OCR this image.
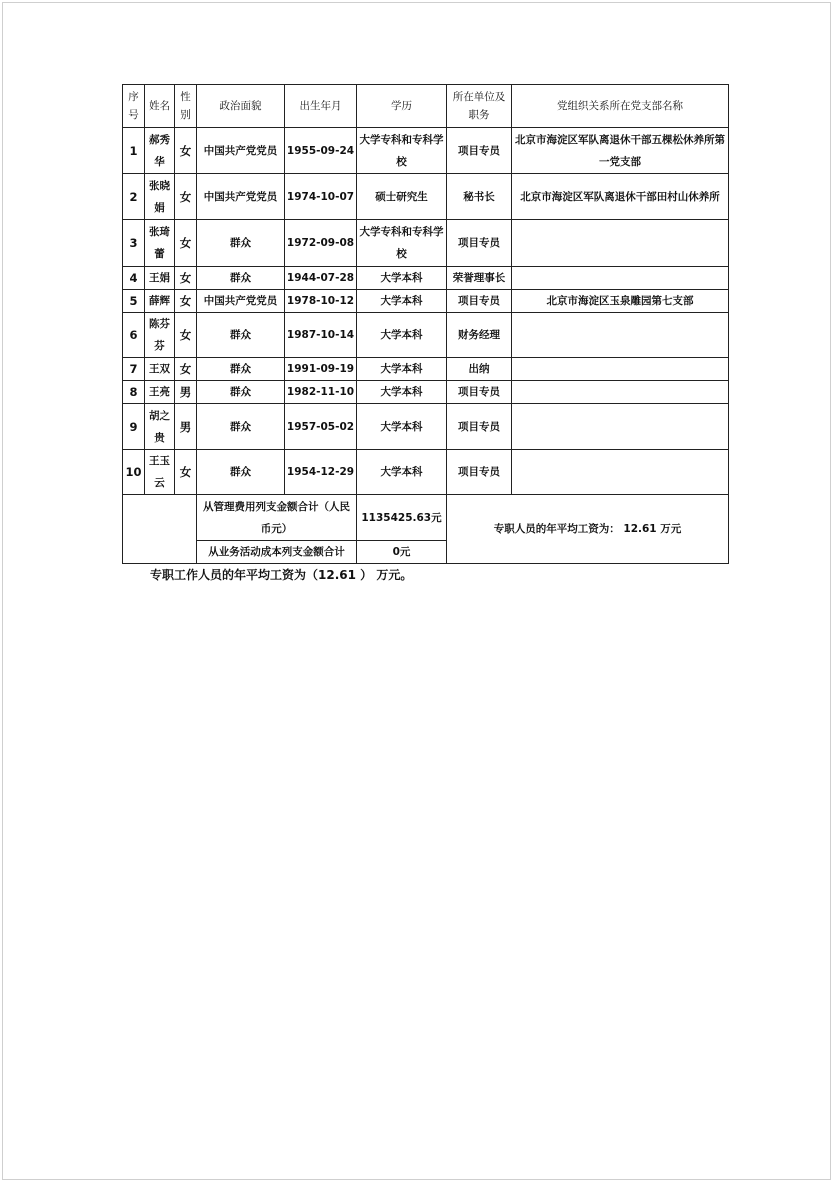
序号	姓名	性别	政治面貌	出生年月	学历	所在单位及职务	党组织关系所在党支部名称
1	郝秀华	女	中国共产党党员	1955-09-24	大学专科和专科学校	项目专员	北京市海淀区军队离退休干部五棵松休养所第一党支部
2	张晓娟	女	中国共产党党员	1974-10-07	硕士研究生	秘书长	北京市海淀区军队离退休干部田村山休养所
3	张琦蕾	女	群众	1972-09-08	大学专科和专科学校	项目专员	
4	王娟	女	群众	1944-07-28	大学本科	荣誉理事长	
5	薛辉	女	中国共产党党员	1978-10-12	大学本科	项目专员	北京市海淀区玉泉雕园第七支部
6	陈芬芬	女	群众	1987-10-14	大学本科	财务经理	
7	王双	女	群众	1991-09-19	大学本科	出纳	
8	王亮	男	群众	1982-11-10	大学本科	项目专员	
9	胡之贵	男	群众	1957-05-02	大学本科	项目专员	
10	王玉云	女	群众	1954-12-29	大学本科	项目专员	
			从管理费用列支金额合计（人民币元）		1135425.63元	专职人员的年平均工资为： 12.61 万元	
			从业务活动成本列支金额合计		0元		
专职工作人员的年平均工资为（12.61 ） 万元。
